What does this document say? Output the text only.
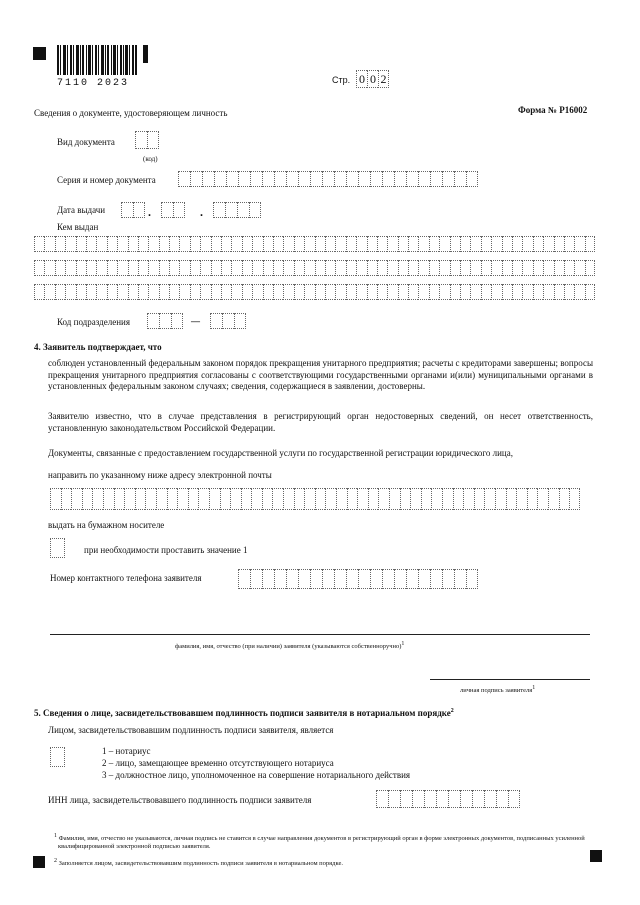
7110 2023	Стр. 0 0 2
Форма № Р16002
Сведения о документе, удостоверяющем личность
Вид документа
(код)
Серия и номер документа
Дата выдачи	.	.
Кем выдан
Код подразделения	—
4. Заявитель подтверждает, что
соблюден установленный федеральным законом порядок прекращения унитарного предприятия; расчеты с кредиторами завершены; вопросы прекращения унитарного предприятия согласованы с соответствующими государственными органами и(или) муниципальными органами в установленных федеральным законом случаях; сведения, содержащиеся в заявлении, достоверны.
Заявителю известно, что в случае представления в регистрирующий орган недостоверных сведений, он несет ответственность, установленную законодательством Российской Федерации.
Документы, связанные с предоставлением государственной услуги по государственной регистрации юридического лица,
направить по указанному ниже адресу электронной почты
выдать на бумажном носителе
при необходимости проставить значение 1
Номер контактного телефона заявителя
фамилия, имя, отчество (при наличии) заявителя (указываются собственноручно)1
личная подпись заявителя1
5. Сведения о лице, засвидетельствовавшем подлинность подписи заявителя в нотариальном порядке$^2$
Лицом, засвидетельствовавшим подлинность подписи заявителя, является
1 – нотариус
2 – лицо, замещающее временно отсутствующего нотариуса
3 – должностное лицо, уполномоченное на совершение нотариального действия
ИНН лица, засвидетельствовавшего подлинность подписи заявителя
1 Фамилия, имя, отчество не указываются, личная подпись не ставится в случае направления документов в регистрирующий орган в форме электронных документов, подписанных усиленной квалифицированной электронной подписью заявителя.
2 Заполняется лицом, засвидетельствовавшим подлинность подписи заявителя в нотариальном порядке.
